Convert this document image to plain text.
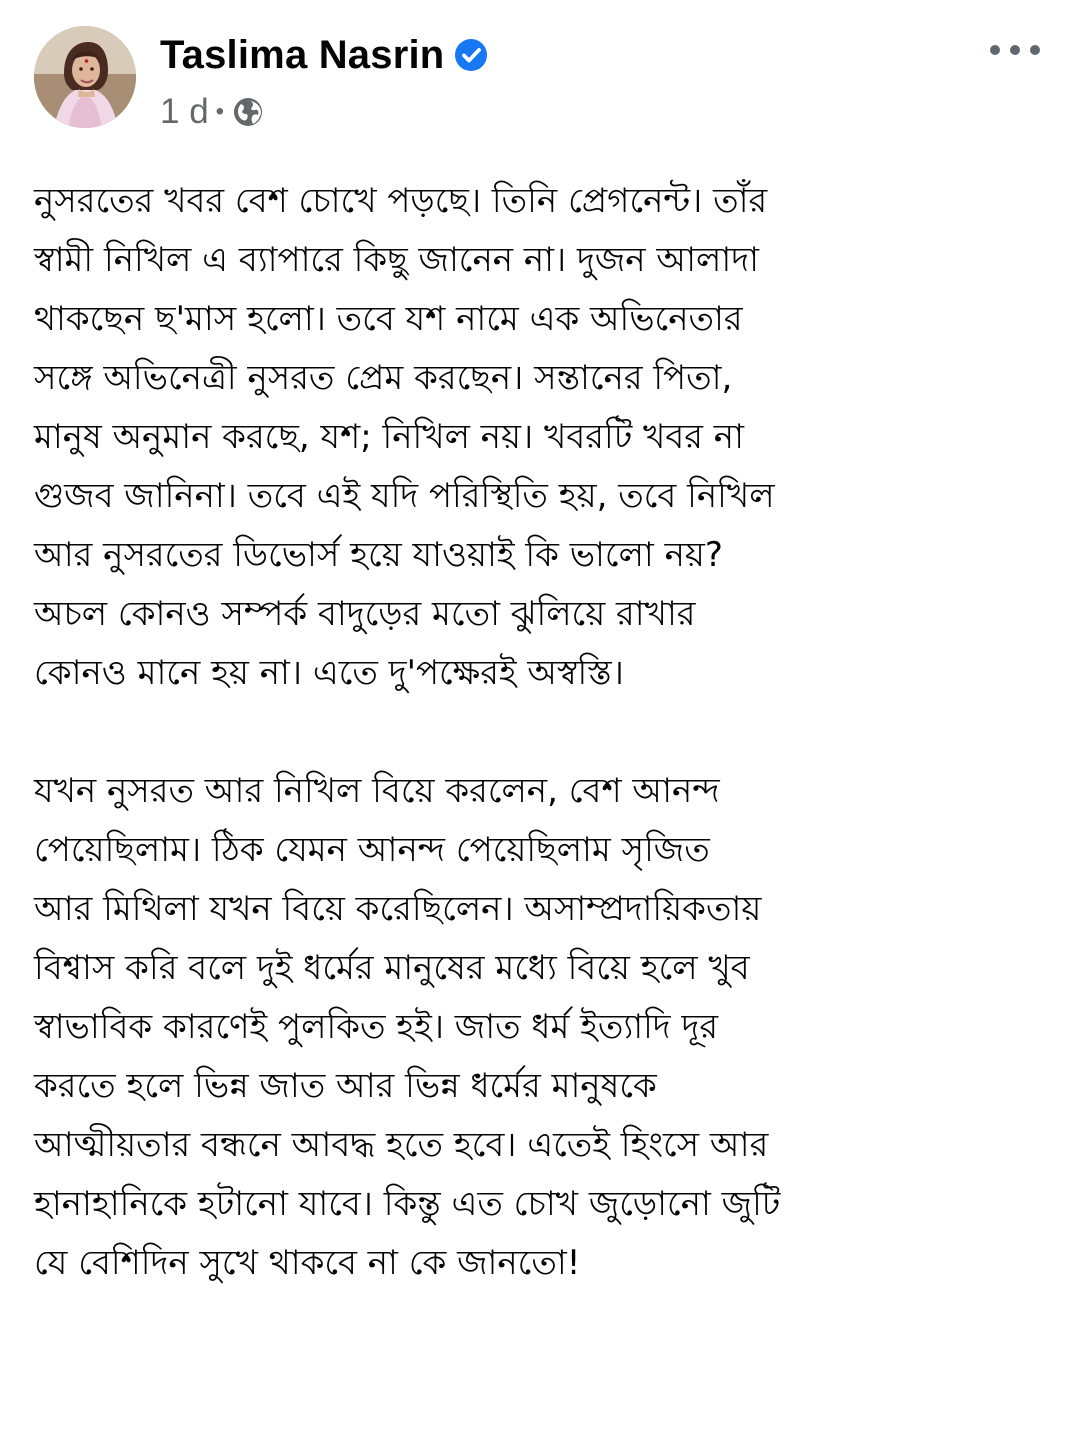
Taslima Nasrin
1 d •

নুসরতের খবর বেশ চোখে পড়ছে। তিনি প্রেগনেন্ট। তাঁর
স্বামী নিখিল এ ব্যাপারে কিছু জানেন না। দুজন আলাদা
থাকছেন ছ'মাস হলো। তবে যশ নামে এক অভিনেতার
সঙ্গে অভিনেত্রী নুসরত প্রেম করছেন। সন্তানের পিতা,
মানুষ অনুমান করছে, যশ; নিখিল নয়। খবরটি খবর না
গুজব জানিনা। তবে এই যদি পরিস্থিতি হয়, তবে নিখিল
আর নুসরতের ডিভোর্স হয়ে যাওয়াই কি ভালো নয়?
অচল কোনও সম্পর্ক বাদুড়ের মতো ঝুলিয়ে রাখার
কোনও মানে হয় না। এতে দু'পক্ষেরই অস্বস্তি।

যখন নুসরত আর নিখিল বিয়ে করলেন, বেশ আনন্দ
পেয়েছিলাম। ঠিক যেমন আনন্দ পেয়েছিলাম সৃজিত
আর মিথিলা যখন বিয়ে করেছিলেন। অসাম্প্রদায়িকতায়
বিশ্বাস করি বলে দুই ধর্মের মানুষের মধ্যে বিয়ে হলে খুব
স্বাভাবিক কারণেই পুলকিত হই। জাত ধর্ম ইত্যাদি দূর
করতে হলে ভিন্ন জাত আর ভিন্ন ধর্মের মানুষকে
আত্মীয়তার বন্ধনে আবদ্ধ হতে হবে। এতেই হিংসে আর
হানাহানিকে হটানো যাবে। কিন্তু এত চোখ জুড়োনো জুটি
যে বেশিদিন সুখে থাকবে না কে জানতো!
